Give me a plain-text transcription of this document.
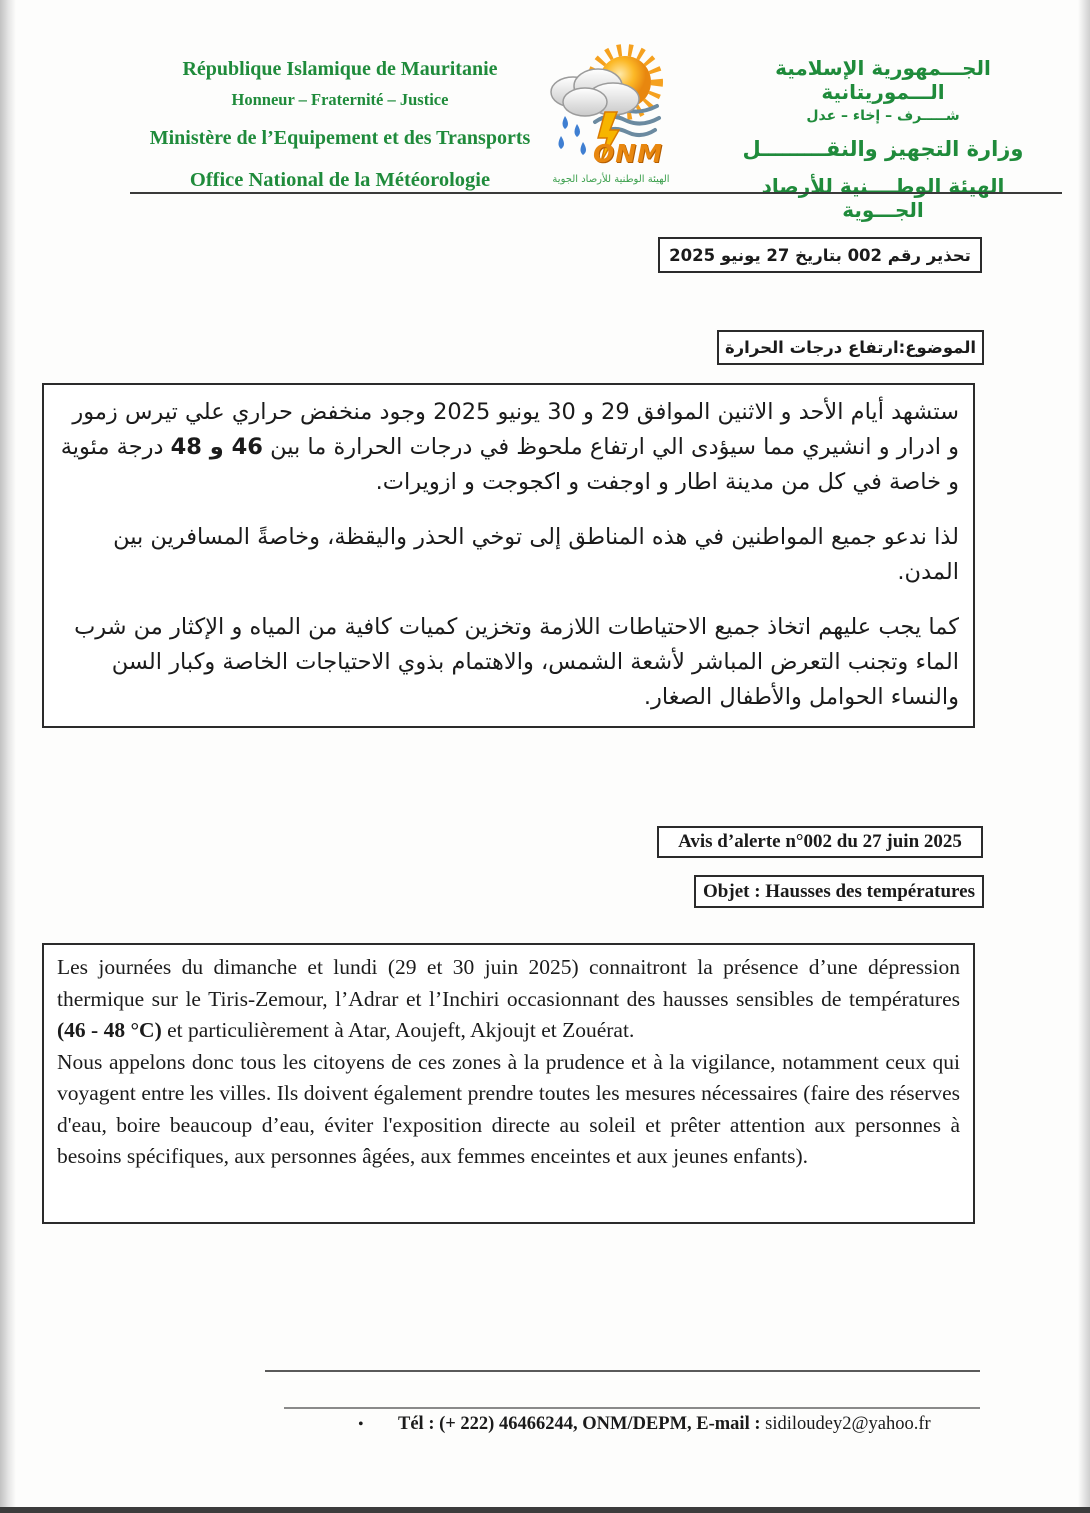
République Islamique de Mauritanie
Honneur – Fraternité – Justice
Ministère de l’Equipement et des Transports
Office National de la Météorologie
ONM
الهيئة الوطنية للأرصاد الجوية
الجـــمهورية الإسلامية الـــموريتانية
شـــــرف – إخاء – عدل
وزارة التجهيز والنقـــــــــل
الهيئة الوطــــنية للأرصاد الجـــوية
تحذير رقم 002 بتاريخ 27 يونيو 2025
الموضوع:ارتفاع درجات الحرارة

ستشهد أيام الأحد و الاثنين الموافق 29 و 30 يونيو 2025 وجود منخفض حراري علي تيرس زمور و ادرار و انشيري مما سيؤدى الي ارتفاع ملحوظ في درجات الحرارة ما بين 46 و 48 درجة مئوية و خاصة في كل من مدينة اطار و اوجفت و اكجوجت و ازويرات.

لذا ندعو جميع المواطنين في هذه المناطق إلى توخي الحذر واليقظة، وخاصةً المسافرين بين المدن.

كما يجب عليهم اتخاذ جميع الاحتياطات اللازمة وتخزين كميات كافية من المياه و الإكثار من شرب الماء وتجنب التعرض المباشر لأشعة الشمس، والاهتمام بذوي الاحتياجات الخاصة وكبار السن والنساء الحوامل والأطفال الصغار.

Avis d’alerte n°002 du 27 juin 2025
Objet : Hausses des températures

Les journées du dimanche et lundi (29 et 30 juin 2025) connaitront la présence d’une dépression thermique sur le Tiris-Zemour, l’Adrar et l’Inchiri occasionnant des hausses sensibles de températures (46 - 48 °C) et particulièrement à Atar, Aoujeft, Akjoujt et Zouérat.

Nous appelons donc tous les citoyens de ces zones à la prudence et à la vigilance, notamment ceux qui voyagent entre les villes. Ils doivent également prendre toutes les mesures nécessaires (faire des réserves d'eau, boire beaucoup d’eau, éviter l'exposition directe au soleil et prêter attention aux personnes à besoins spécifiques, aux personnes âgées, aux femmes enceintes et aux jeunes enfants).

• Tél : (+ 222) 46466244, ONM/DEPM, E-mail : sidiloudey2@yahoo.fr
